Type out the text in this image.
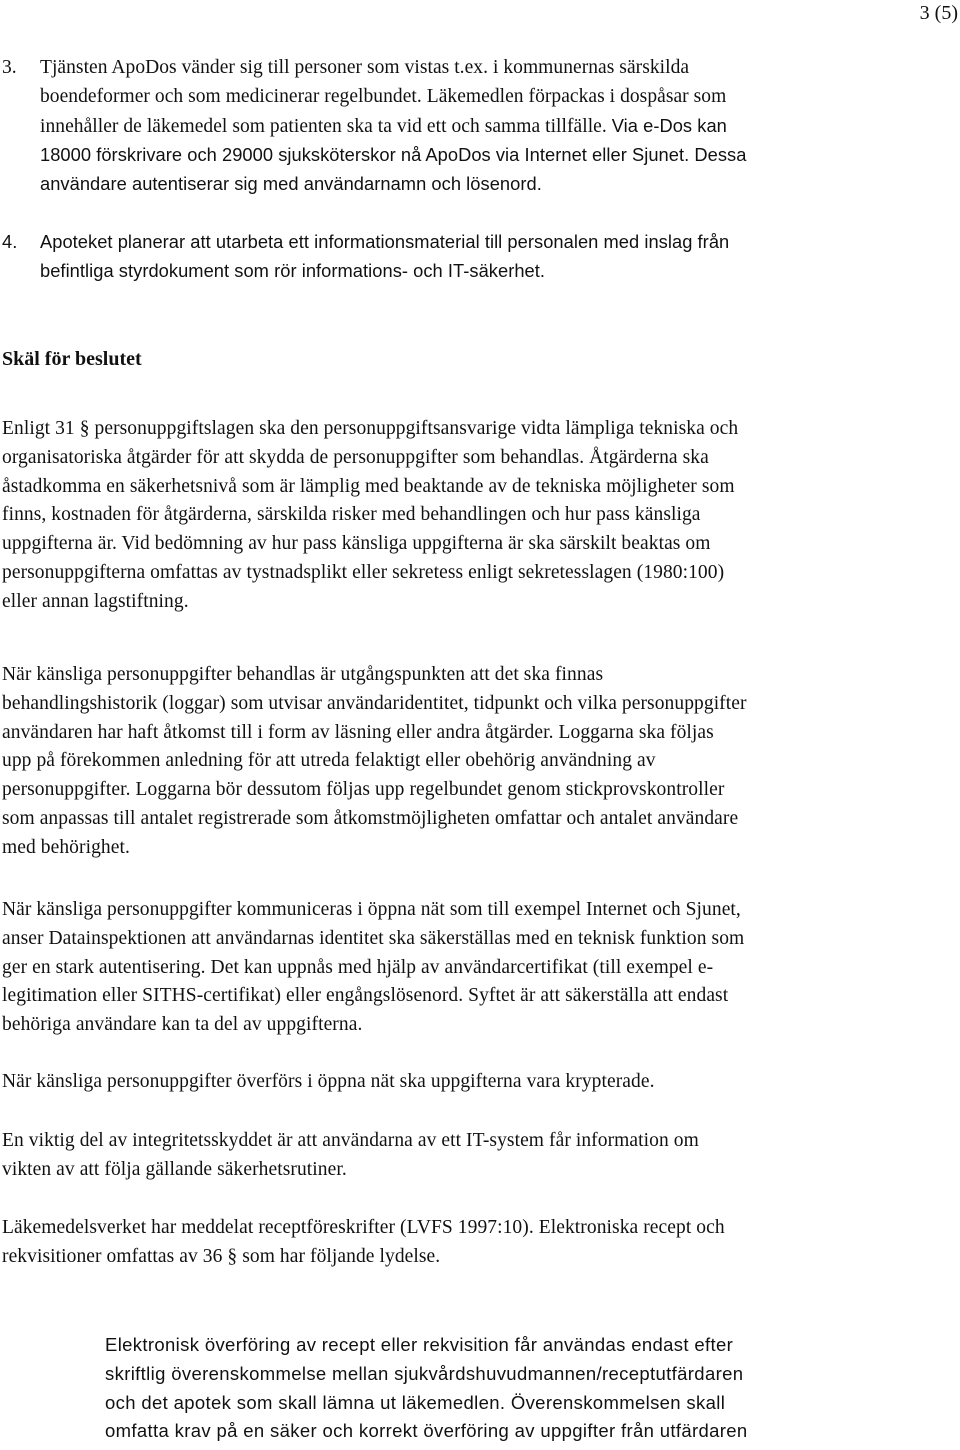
3 (5)
3.	Tjänsten ApoDos vänder sig till personer som vistas t.ex. i kommunernas särskilda
boendeformer och som medicinerar regelbundet. Läkemedlen förpackas i dospåsar som
innehåller de läkemedel som patienten ska ta vid ett och samma tillfälle. Via e-Dos kan
18000 förskrivare och 29000 sjuksköterskor nå ApoDos via Internet eller Sjunet. Dessa
användare autentiserar sig med användarnamn och lösenord.
4.	Apoteket planerar att utarbeta ett informationsmaterial till personalen med inslag från
befintliga styrdokument som rör informations- och IT-säkerhet.
Skäl för beslutet
Enligt 31 § personuppgiftslagen ska den personuppgiftsansvarige vidta lämpliga tekniska och
organisatoriska åtgärder för att skydda de personuppgifter som behandlas. Åtgärderna ska
åstadkomma en säkerhetsnivå som är lämplig med beaktande av de tekniska möjligheter som
finns, kostnaden för åtgärderna, särskilda risker med behandlingen och hur pass känsliga
uppgifterna är. Vid bedömning av hur pass känsliga uppgifterna är ska särskilt beaktas om
personuppgifterna omfattas av tystnadsplikt eller sekretess enligt sekretesslagen (1980:100)
eller annan lagstiftning.
När känsliga personuppgifter behandlas är utgångspunkten att det ska finnas
behandlingshistorik (loggar) som utvisar användaridentitet, tidpunkt och vilka personuppgifter
användaren har haft åtkomst till i form av läsning eller andra åtgärder. Loggarna ska följas
upp på förekommen anledning för att utreda felaktigt eller obehörig användning av
personuppgifter. Loggarna bör dessutom följas upp regelbundet genom stickprovskontroller
som anpassas till antalet registrerade som åtkomstmöjligheten omfattar och antalet användare
med behörighet.
När känsliga personuppgifter kommuniceras i öppna nät som till exempel Internet och Sjunet,
anser Datainspektionen att användarnas identitet ska säkerställas med en teknisk funktion som
ger en stark autentisering. Det kan uppnås med hjälp av användarcertifikat (till exempel e-
legitimation eller SITHS-certifikat) eller engångslösenord. Syftet är att säkerställa att endast
behöriga användare kan ta del av uppgifterna.
När känsliga personuppgifter överförs i öppna nät ska uppgifterna vara krypterade.
En viktig del av integritetsskyddet är att användarna av ett IT-system får information om
vikten av att följa gällande säkerhetsrutiner.
Läkemedelsverket har meddelat receptföreskrifter (LVFS 1997:10). Elektroniska recept och
rekvisitioner omfattas av 36 § som har följande lydelse.
Elektronisk överföring av recept eller rekvisition får användas endast efter
skriftlig överenskommelse mellan sjukvårdshuvudmannen/receptutfärdaren
och det apotek som skall lämna ut läkemedlen. Överenskommelsen skall
omfatta krav på en säker och korrekt överföring av uppgifter från utfärdaren
